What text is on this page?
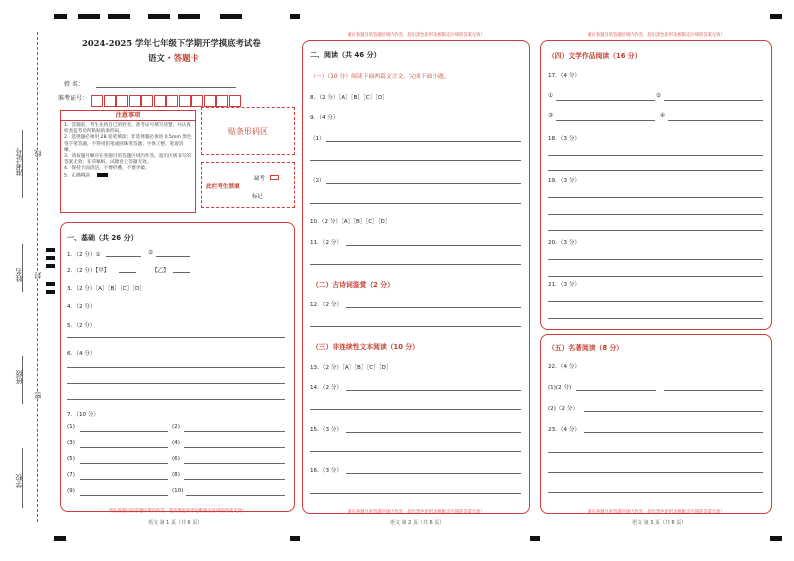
准考证号 线
姓名 封
班级
密
学校
2024-2025 学年七年级下学期开学摸底考试卷
语文 · 答题卡
姓 名：
准考证号：
注意事项
1．答题前，考生先将自己的姓名，准考证号填写清楚，并认真检查监考员所粘贴的条形码。
2．选择题必须用 2B 铅笔填涂；非选择题必须用 0.5mm 黑色签字笔答题，不得用铅笔或圆珠笔答题；字体工整、笔迹清晰。
3．请按题号顺序在各题目的答题区域内作答，超出区域书写的答案无效；在草稿纸、试题卷上答题无效。
4．保持卡面清洁，不要折叠、不要弄破。
5．正确填涂
贴条形码区
此栏考生禁填
缺考
标记
一、基础（共 26 分）
1．（2 分）①	②
2．（2 分）【甲】	【乙】
3．（2 分）［A］［B］［C］［D］
4．（2 分）
5．（2 分）
6．（4 分）
7．（10 分）
(1)	(2)
(3)	(4)
(5)	(6)
(7)	(8)
(9)	(10)
请在各题目的答题区域内作答，超出黑色矩形边框限定区域的答案无效！
语文 第 1 页（共 6 页）
请在各题目的答题区域内作答，超出黑色矩形边框限定区域的答案无效！
二、阅读（共 46 分）
（一）（10 分）阅读下面两篇文言文，完成下面小题。
8．（2 分）［A］［B］［C］［D］
9．（4 分）
（1）
（2）
10.（2 分）［A］［B］［C］［D］
11．（2 分）
（二）古诗词鉴赏（2 分）
12．（2 分）
（三）非连续性文本阅读（10 分）
13．（2 分）［A］［B］［C］［D］
14．（2 分）
15．（3 分）
16．（3 分）
请在各题目的答题区域内作答，超出黑色矩形边框限定区域的答案无效！
语文 第 2 页（共 6 页）
请在各题目的答题区域内作答，超出黑色矩形边框限定区域的答案无效！
（四）文学作品阅读（16 分）
17．（4 分）
①	②
③	④
18．（3 分）
19．（3 分）
20．（3 分）
21．（3 分）
（五）名著阅读（8 分）
22．（4 分）
(1)(2 分)
(2)（2 分）
23．（4 分）
请在各题目的答题区域内作答，超出黑色矩形边框限定区域的答案无效！
语文 第 3 页（共 6 页）
